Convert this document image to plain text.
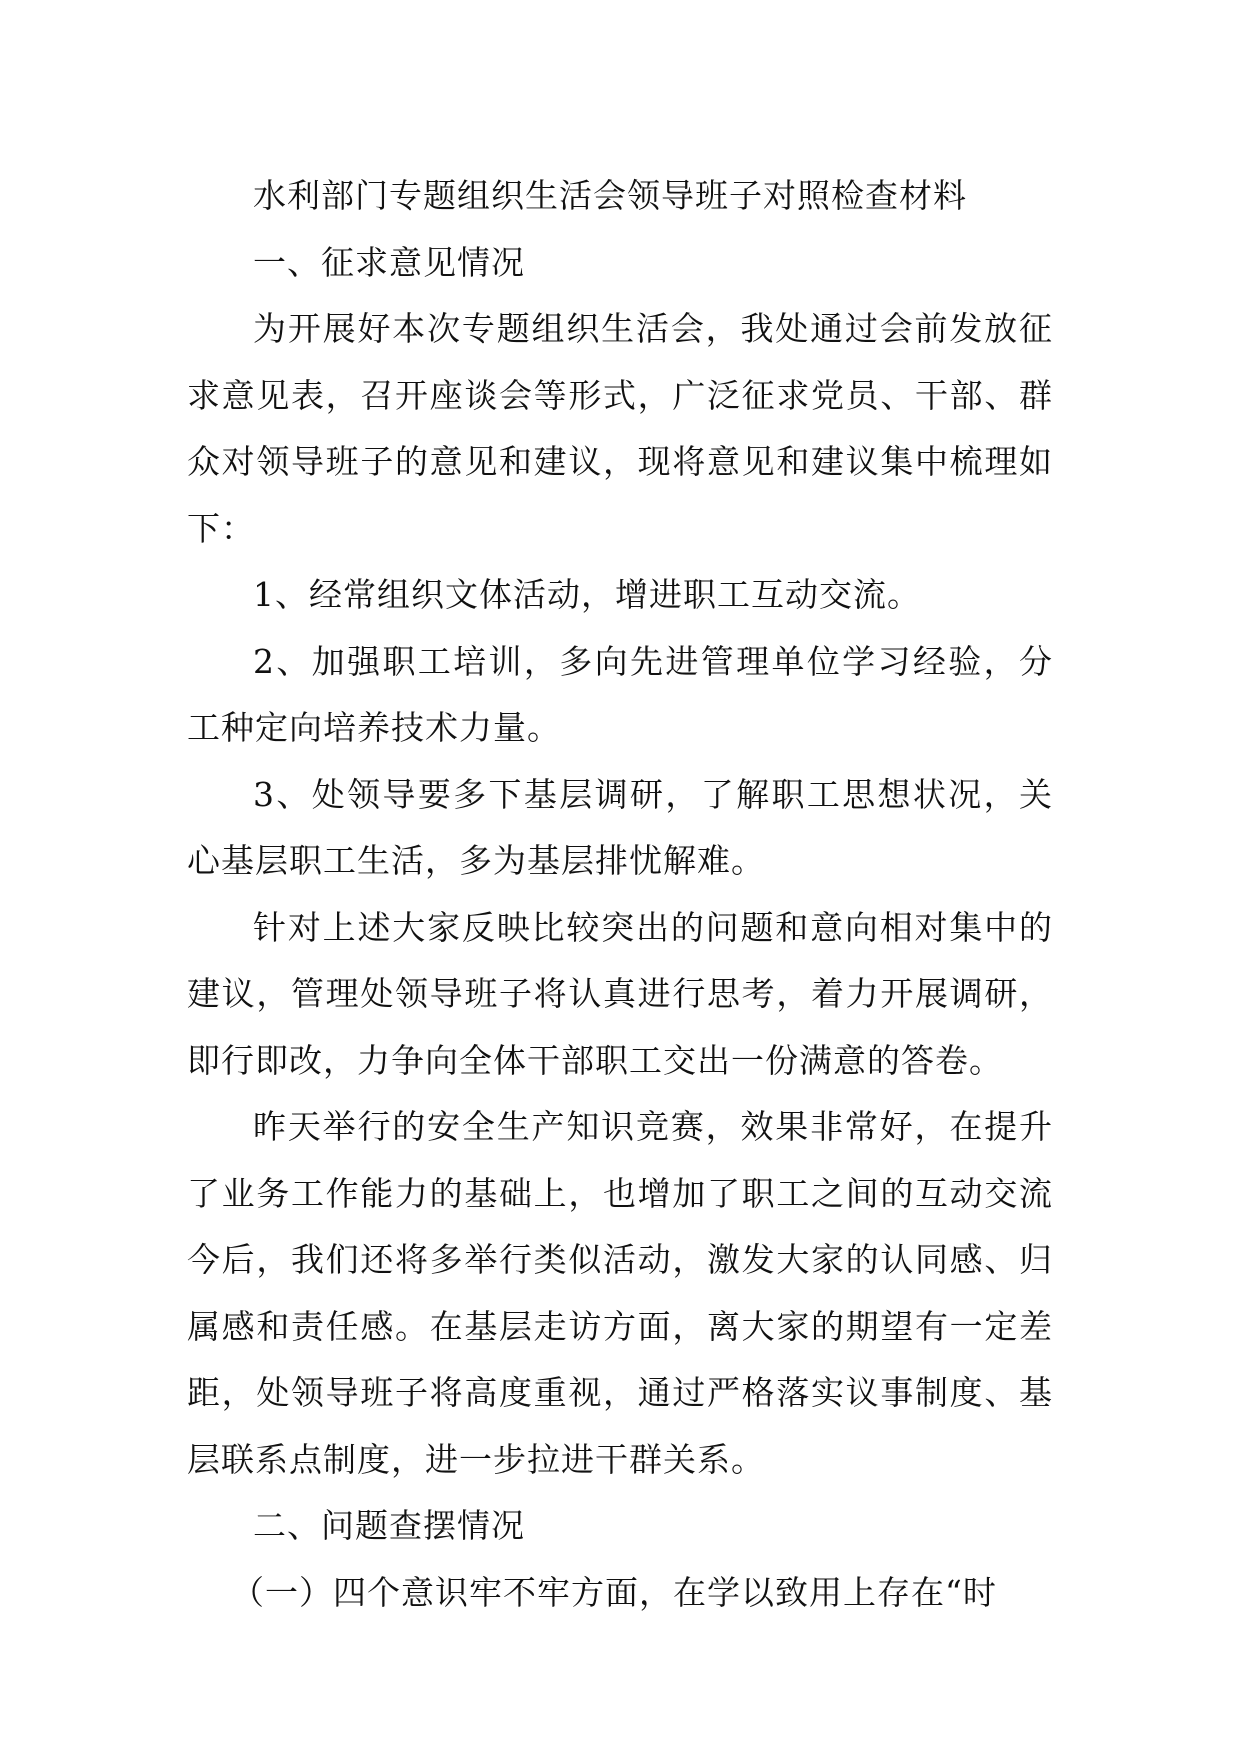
水利部门专题组织生活会领导班子对照检查材料

一、征求意见情况

为开展好本次专题组织生活会，我处通过会前发放征求意见表，召开座谈会等形式，广泛征求党员、干部、群众对领导班子的意见和建议，现将意见和建议集中梳理如下：

1、经常组织文体活动，增进职工互动交流。

2、加强职工培训，多向先进管理单位学习经验，分工种定向培养技术力量。

3、处领导要多下基层调研，了解职工思想状况，关心基层职工生活，多为基层排忧解难。

针对上述大家反映比较突出的问题和意向相对集中的建议，管理处领导班子将认真进行思考，着力开展调研，即行即改，力争向全体干部职工交出一份满意的答卷。

昨天举行的安全生产知识竞赛，效果非常好，在提升了业务工作能力的基础上，也增加了职工之间的互动交流今后，我们还将多举行类似活动，激发大家的认同感、归属感和责任感。在基层走访方面，离大家的期望有一定差距，处领导班子将高度重视，通过严格落实议事制度、基层联系点制度，进一步拉进干群关系。

二、问题查摆情况

（一）四个意识牢不牢方面，在学以致用上存在“时
